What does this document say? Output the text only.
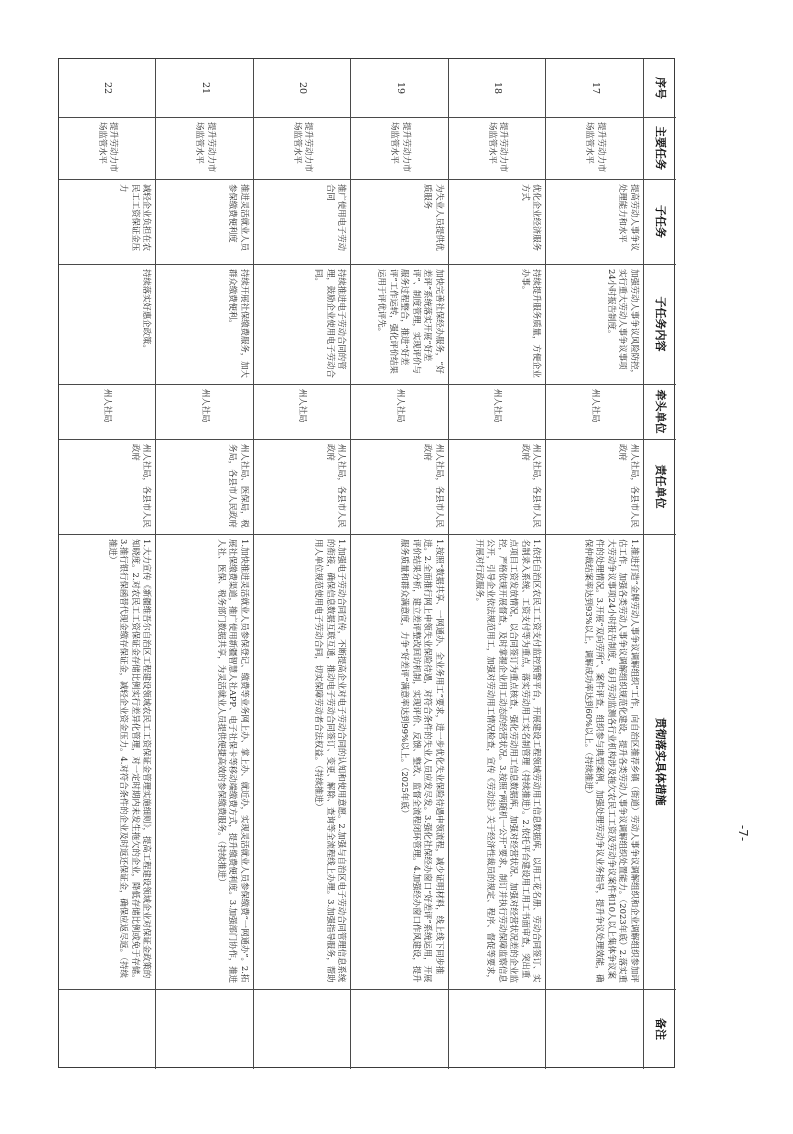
序号
主要任务
子任务
子任务内容
牵头单位
责任单位
贯彻落实具体措施
备注
17
提升劳动力市场监管水平
提高劳动人事争议处理能力和水平
加强劳动人事争议风险防控，实行重大劳动人事争议事项24小时报告制度。
州人社局
州人社局，各县市人民政府
1.推进打造“金牌劳动人事争议调解组织”工作，向自治区推荐乡镇（街道）劳动人事争议调解组织和企业调解组织参加评估工作，加强各类劳动人事争议调解组织规范化建设，提升各类劳动人事争议调解组织处置能力。（2023年底）2.落实重大劳动争议事项24小时报告制度，每月劳动监测各行业机构涉及拖欠农民工工资及劳动争议案件和10人以上集体争议案件的处理情况。3.开展“双向劳所”、案件评查，组织参与典型案例，加强处理劳动争议业务指导，提升争议处理效能，确保仲裁结案率达到93%以上，调解成功率达到60%以上。（持续推进）
18
提升劳动力市场监管水平
优化企业经济服务方式
持续提升服务质量，方便企业办事。
州人社局
州人社局，各县市人民政府
1.依托自治区农民工工资支付监控预警平台，开展建设工程领域劳动用工信息数据库，以用工花名册、劳动合同签订、实名制录入系统、工资支付等为重点，落实劳动用工实名制管理（持续推进）。2.依托平台建设用工用工书面审查，突出重点项目工资发放情况，以合同签订为重点核查，强化劳动用工信息数据库，加强对经营状况、加强对经营状况差的企业监控，严格依规开展督查，及时掌握企业用工动态的经营状况。3.按照“两随机一公开”要求，制订并执行劳动保障监察信息公开，引导企业依法规范用工，加强对劳动用工情况检查，宣传《劳动法》关于经济性裁员的规定、程序、督促等要求，开展对行政服务。
19
提升劳动力市场监管水平
为失业人员提供优质服务
加快完善社保经办服务，“好差评”系统落实开展“好差评”、制度管理，实现评价与服务过程整合，推进“好差评”工作运转，强化评价结果运用于评优评先。
州人社局
州人社局，各县市人民政府
1.按照“数据共享、一网通办、全业务用工”要求，进一步优化失业保险待遇申领流程，减少证明材料，线上线下同步推进。2.全面推行网上申领失业保险待遇，对符合条件的失业人员应发尽发。3.强化社保经办窗口“好差评”系统运用，开展评价结果分析，建立差评整改回访机制，实现评价、反馈、整改、监督全流程闭环管理。4.加强经办窗口作风建设，提升服务质量和群众满意度，力争“好差评”满意率达到99%以上。（2025年底）
20
提升劳动力市场监管水平
推广使用电子劳动合同
持续推进电子劳动合同的管理，鼓励企业使用电子劳动合同。
州人社局
州人社局，各县市人民政府
1.加强电子劳动合同宣传，不断提高企业对电子劳动合同的认知和使用意愿。2.加强与自治区电子劳动合同管理信息系统的衔接，确保信息数据互联互通，推动电子劳动合同签订、变更、解除、查询等全流程线上办理。3.加强指导服务，帮助用人单位规范使用电子劳动合同，切实保障劳动者合法权益。（持续推进）
21
提升劳动力市场监管水平
推进灵活就业人员参保缴费便利度
持续开展社保缴费服务，加大群众缴费便利。
州人社局
州人社局、医保局，税务局，各县市人民政府
1.加快推进灵活就业人员参保登记、缴费等业务网上办、掌上办、就近办，实现灵活就业人员参保缴费“一网通办”。2.拓展社保缴费渠道，推广使用新疆智慧人社APP、电子社保卡等移动端缴费方式，提升缴费便利度。3.加强部门协作，推进人社、医保、税务部门数据共享，为灵活就业人员提供便捷高效的参保缴费服务。（持续推进）
22
提升劳动力市场监管水平
减轻企业负担在农民工工资保证金压力
持续落实好惠企政策。
州人社局
州人社局，各县市人民政府
1.大力宣传《新疆维吾尔自治区工程建设领域农民工工资保证金管理实施细则》，提高工程建设领域企业对保证金政策的知晓度。2.对农民工工资保证金存储比例实行差异化管理，对一定时期内未发生拖欠的企业，降低存储比例或免于存储。3.推行银行保函替代现金缴存保证金，减轻企业资金压力。4.对符合条件的企业及时返还保证金，确保应返尽返。（持续推进）
-7-
